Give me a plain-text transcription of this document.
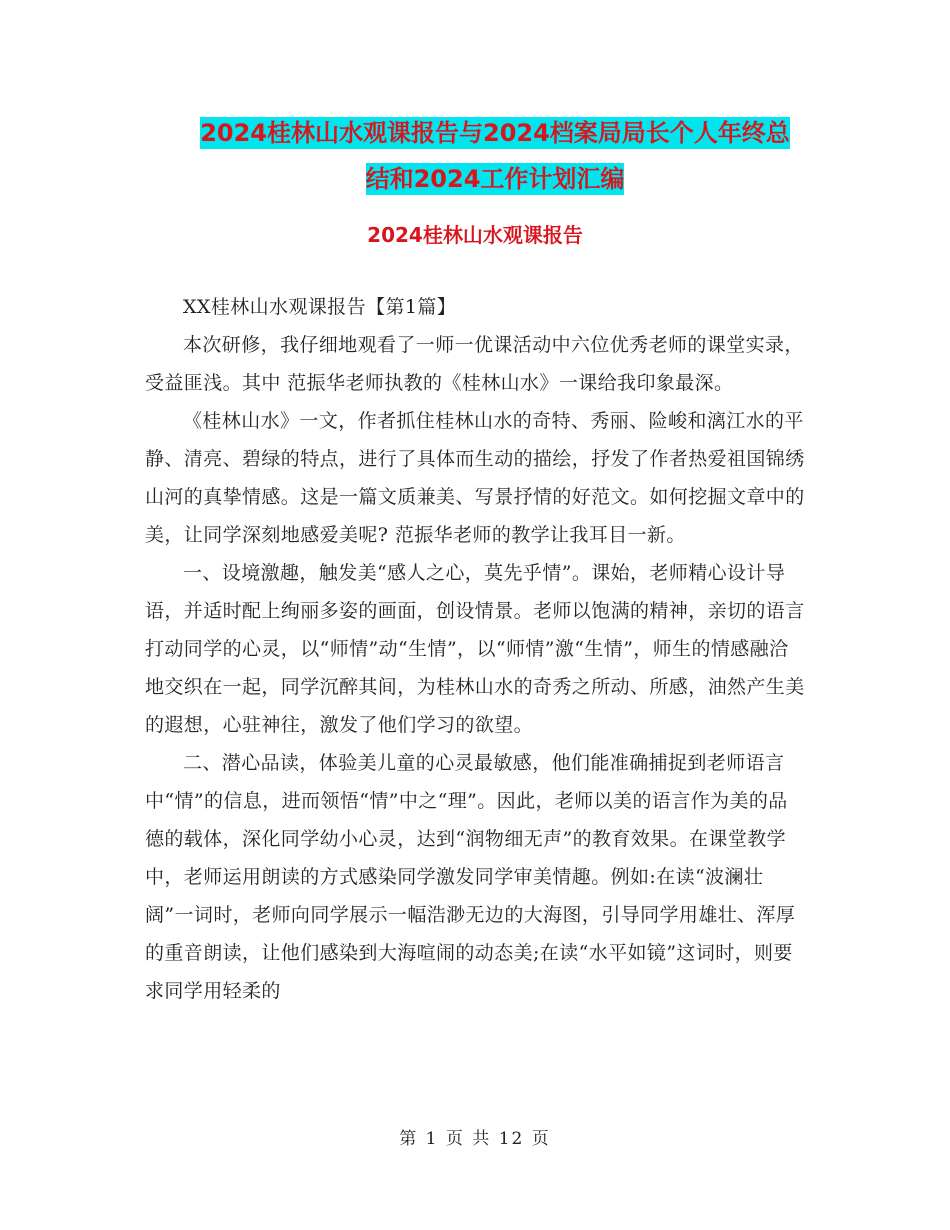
2024桂林山水观课报告与2024档案局局长个人年终总
结和2024工作计划汇编
2024桂林山水观课报告

XX桂林山水观课报告【第1篇】

本次研修，我仔细地观看了一师一优课活动中六位优秀老师的课堂实录，受益匪浅。其中 范振华老师执教的《桂林山水》一课给我印象最深。

《桂林山水》一文，作者抓住桂林山水的奇特、秀丽、险峻和漓江水的平静、清亮、碧绿的特点，进行了具体而生动的描绘，抒发了作者热爱祖国锦绣山河的真挚情感。这是一篇文质兼美、写景抒情的好范文。如何挖掘文章中的美，让同学深刻地感爱美呢? 范振华老师的教学让我耳目一新。

一、设境激趣，触发美“感人之心，莫先乎情”。课始，老师精心设计导语，并适时配上绚丽多姿的画面，创设情景。老师以饱满的精神，亲切的语言打动同学的心灵，以“师情”动“生情”，以“师情”激“生情”，师生的情感融洽地交织在一起，同学沉醉其间，为桂林山水的奇秀之所动、所感，油然产生美的遐想，心驻神往，激发了他们学习的欲望。

二、潜心品读，体验美儿童的心灵最敏感，他们能准确捕捉到老师语言中“情”的信息，进而领悟“情”中之“理”。因此，老师以美的语言作为美的品德的载体，深化同学幼小心灵，达到“润物细无声”的教育效果。在课堂教学中，老师运用朗读的方式感染同学激发同学审美情趣。例如:在读“波澜壮阔”一词时，老师向同学展示一幅浩渺无边的大海图，引导同学用雄壮、浑厚的重音朗读，让他们感染到大海喧闹的动态美;在读“水平如镜”这词时，则要求同学用轻柔的

第 1 页 共 12 页
